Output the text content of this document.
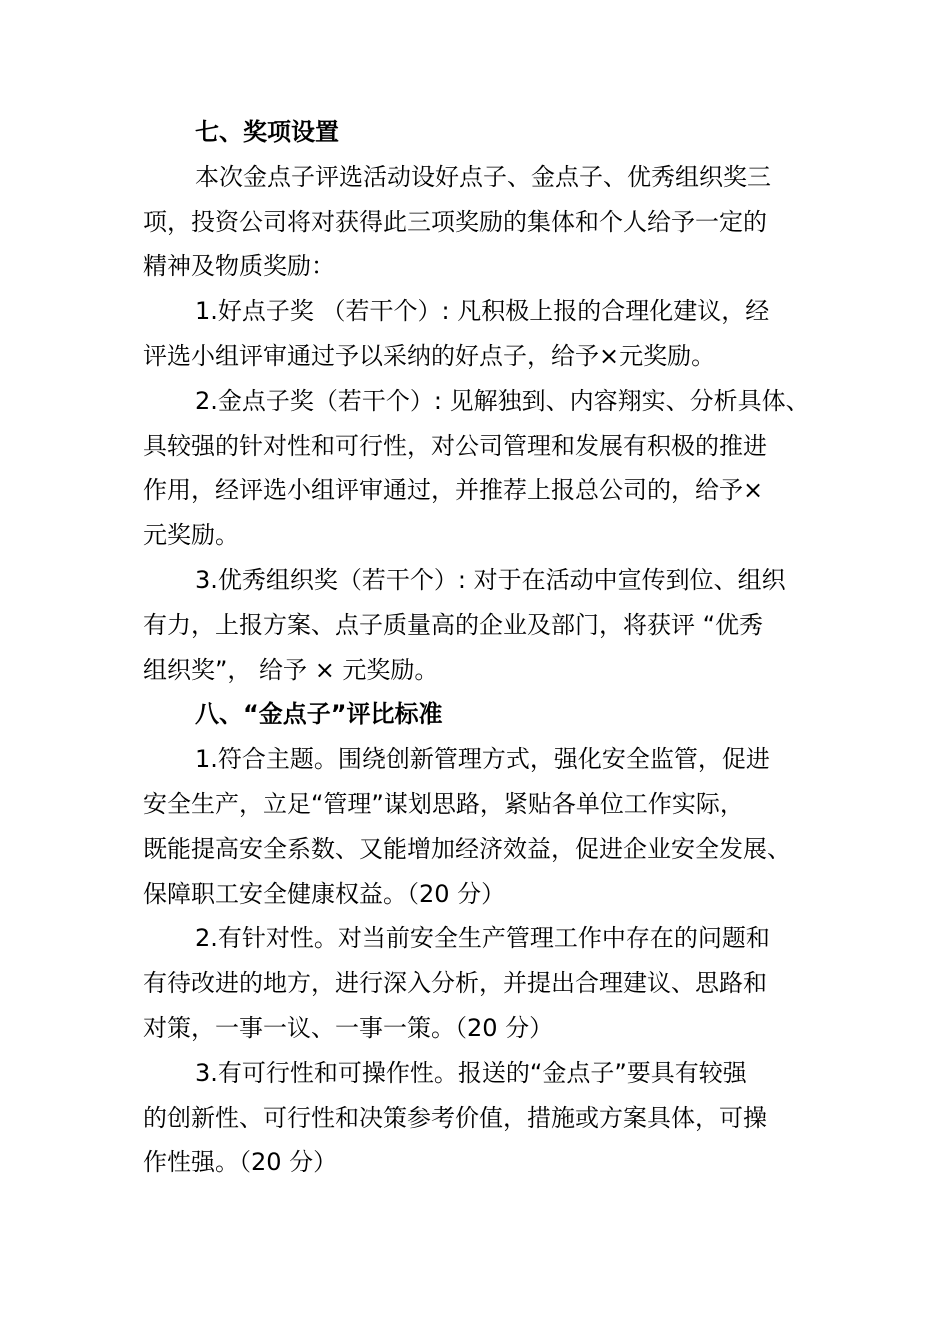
七、奖项设置
本次金点子评选活动设好点子、金点子、优秀组织奖三
项，投资公司将对获得此三项奖励的集体和个人给予一定的
精神及物质奖励：
1.好点子奖 （若干个）: 凡积极上报的合理化建议，经
评选小组评审通过予以采纳的好点子，给予×元奖励。
2.金点子奖（若干个）: 见解独到、内容翔实、分析具体、
具较强的针对性和可行性，对公司管理和发展有积极的推进
作用，经评选小组评审通过，并推荐上报总公司的，给予×
元奖励。
3.优秀组织奖（若干个）: 对于在活动中宣传到位、组织
有力，上报方案、点子质量高的企业及部门，将获评 “优秀
组织奖”， 给予 × 元奖励。
八、“金点子”评比标准
1.符合主题。围绕创新管理方式，强化安全监管，促进
安全生产，立足“管理”谋划思路，紧贴各单位工作实际，
既能提高安全系数、又能增加经济效益，促进企业安全发展、
保障职工安全健康权益。（20 分）
2.有针对性。对当前安全生产管理工作中存在的问题和
有待改进的地方，进行深入分析，并提出合理建议、思路和
对策，一事一议、一事一策。（20 分）
3.有可行性和可操作性。报送的“金点子”要具有较强
的创新性、可行性和决策参考价值，措施或方案具体，可操
作性强。（20 分）
